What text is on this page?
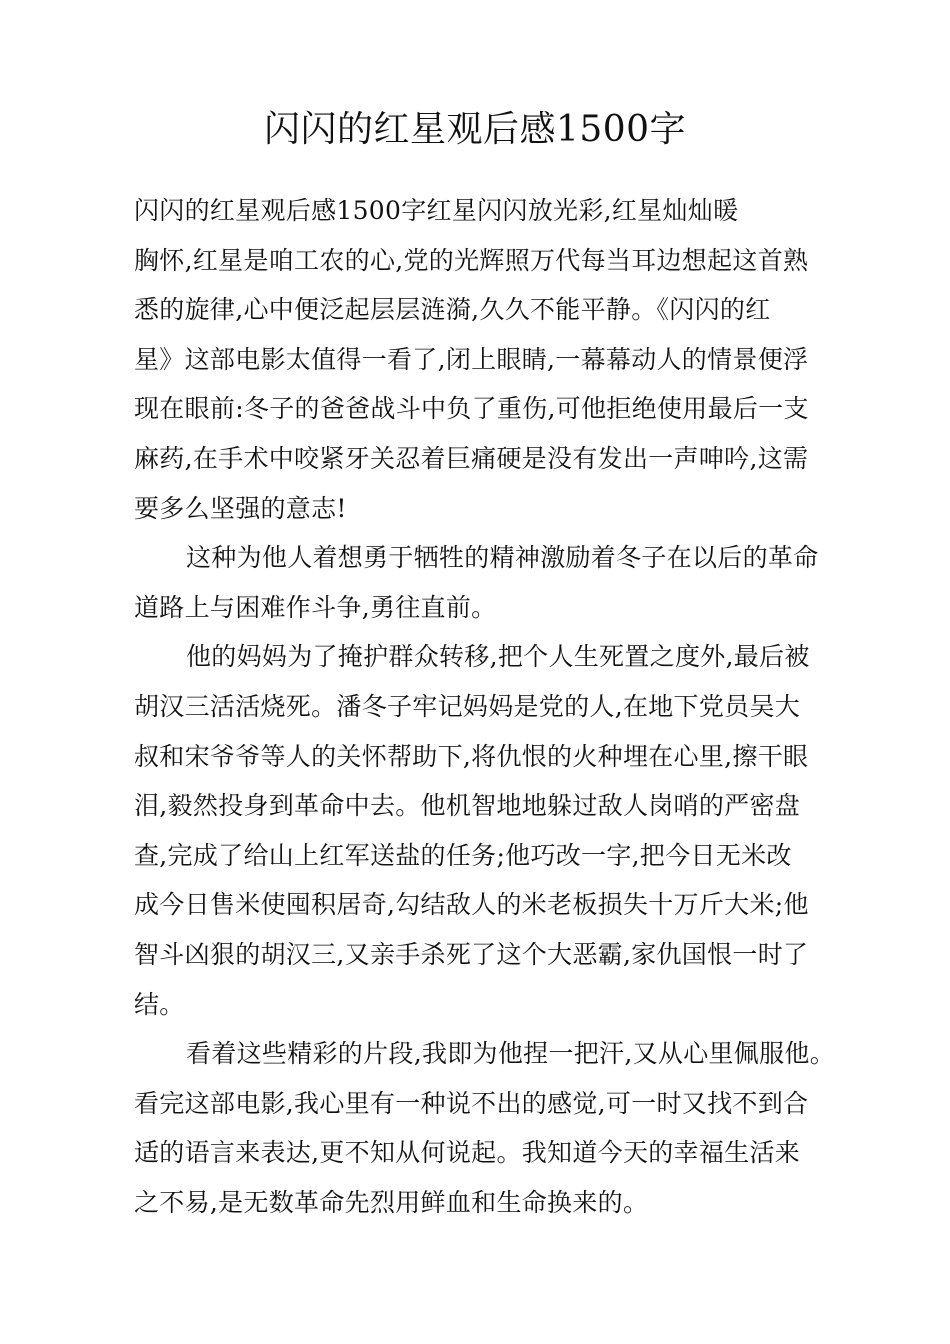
闪闪的红星观后感1500字
闪闪的红星观后感1500字红星闪闪放光彩,红星灿灿暖
胸怀,红星是咱工农的心,党的光辉照万代每当耳边想起这首熟
悉的旋律,心中便泛起层层涟漪,久久不能平静。《闪闪的红
星》这部电影太值得一看了,闭上眼睛,一幕幕动人的情景便浮
现在眼前:冬子的爸爸战斗中负了重伤,可他拒绝使用最后一支
麻药,在手术中咬紧牙关忍着巨痛硬是没有发出一声呻吟,这需
要多么坚强的意志!
这种为他人着想勇于牺牲的精神激励着冬子在以后的革命
道路上与困难作斗争,勇往直前。
他的妈妈为了掩护群众转移,把个人生死置之度外,最后被
胡汉三活活烧死。潘冬子牢记妈妈是党的人,在地下党员吴大
叔和宋爷爷等人的关怀帮助下,将仇恨的火种埋在心里,擦干眼
泪,毅然投身到革命中去。他机智地地躲过敌人岗哨的严密盘
查,完成了给山上红军送盐的任务;他巧改一字,把今日无米改
成今日售米使囤积居奇,勾结敌人的米老板损失十万斤大米;他
智斗凶狠的胡汉三,又亲手杀死了这个大恶霸,家仇国恨一时了
结。
看着这些精彩的片段,我即为他捏一把汗,又从心里佩服他。
看完这部电影,我心里有一种说不出的感觉,可一时又找不到合
适的语言来表达,更不知从何说起。我知道今天的幸福生活来
之不易,是无数革命先烈用鲜血和生命换来的。
